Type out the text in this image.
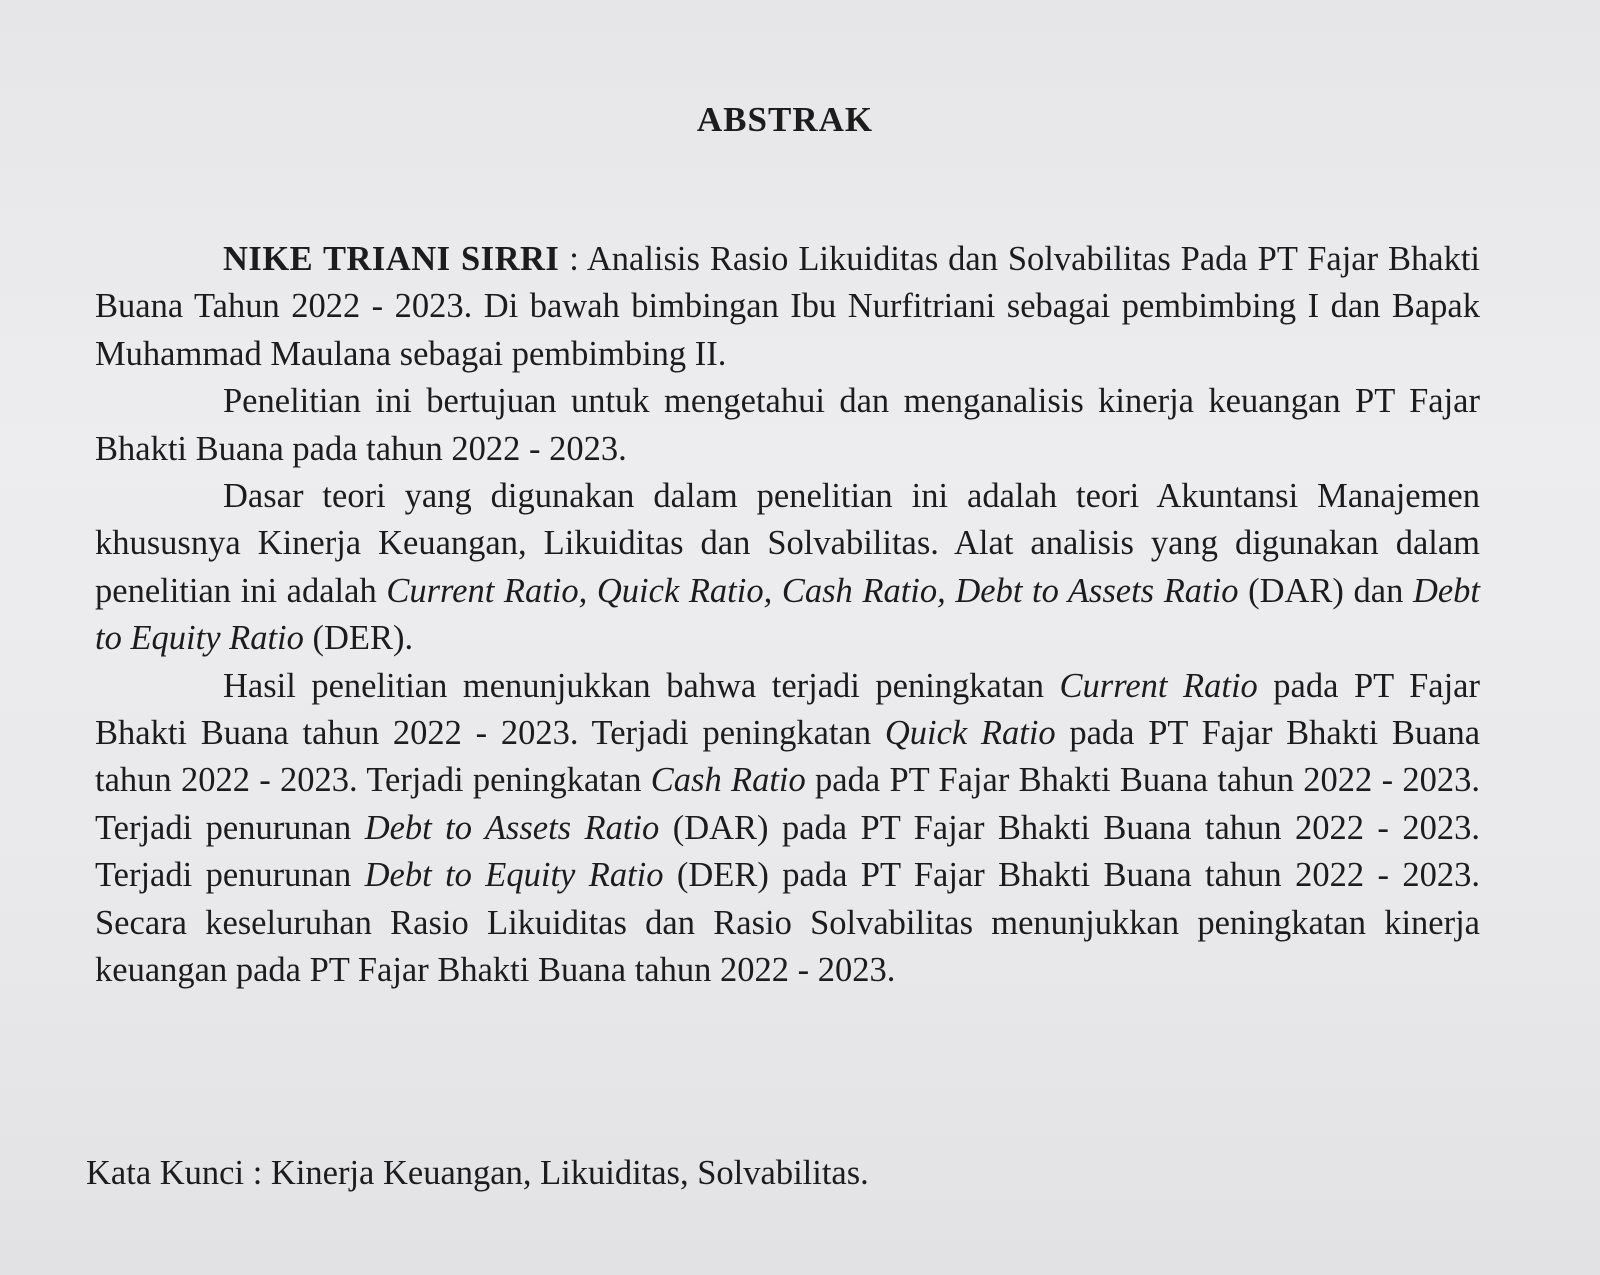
ABSTRAK

NIKE TRIANI SIRRI : Analisis Rasio Likuiditas dan Solvabilitas Pada PT Fajar Bhakti Buana Tahun 2022 - 2023. Di bawah bimbingan Ibu Nurfitriani sebagai pembimbing I dan Bapak Muhammad Maulana sebagai pembimbing II.

Penelitian ini bertujuan untuk mengetahui dan menganalisis kinerja keuangan PT Fajar Bhakti Buana pada tahun 2022 - 2023.

Dasar teori yang digunakan dalam penelitian ini adalah teori Akuntansi Manajemen khususnya Kinerja Keuangan, Likuiditas dan Solvabilitas. Alat analisis yang digunakan dalam penelitian ini adalah Current Ratio, Quick Ratio, Cash Ratio, Debt to Assets Ratio (DAR) dan Debt to Equity Ratio (DER).

Hasil penelitian menunjukkan bahwa terjadi peningkatan Current Ratio pada PT Fajar Bhakti Buana tahun 2022 - 2023. Terjadi peningkatan Quick Ratio pada PT Fajar Bhakti Buana tahun 2022 - 2023. Terjadi peningkatan Cash Ratio pada PT Fajar Bhakti Buana tahun 2022 - 2023. Terjadi penurunan Debt to Assets Ratio (DAR) pada PT Fajar Bhakti Buana tahun 2022 - 2023. Terjadi penurunan Debt to Equity Ratio (DER) pada PT Fajar Bhakti Buana tahun 2022 - 2023. Secara keseluruhan Rasio Likuiditas dan Rasio Solvabilitas menunjukkan peningkatan kinerja keuangan pada PT Fajar Bhakti Buana tahun 2022 - 2023.

Kata Kunci : Kinerja Keuangan, Likuiditas, Solvabilitas.
